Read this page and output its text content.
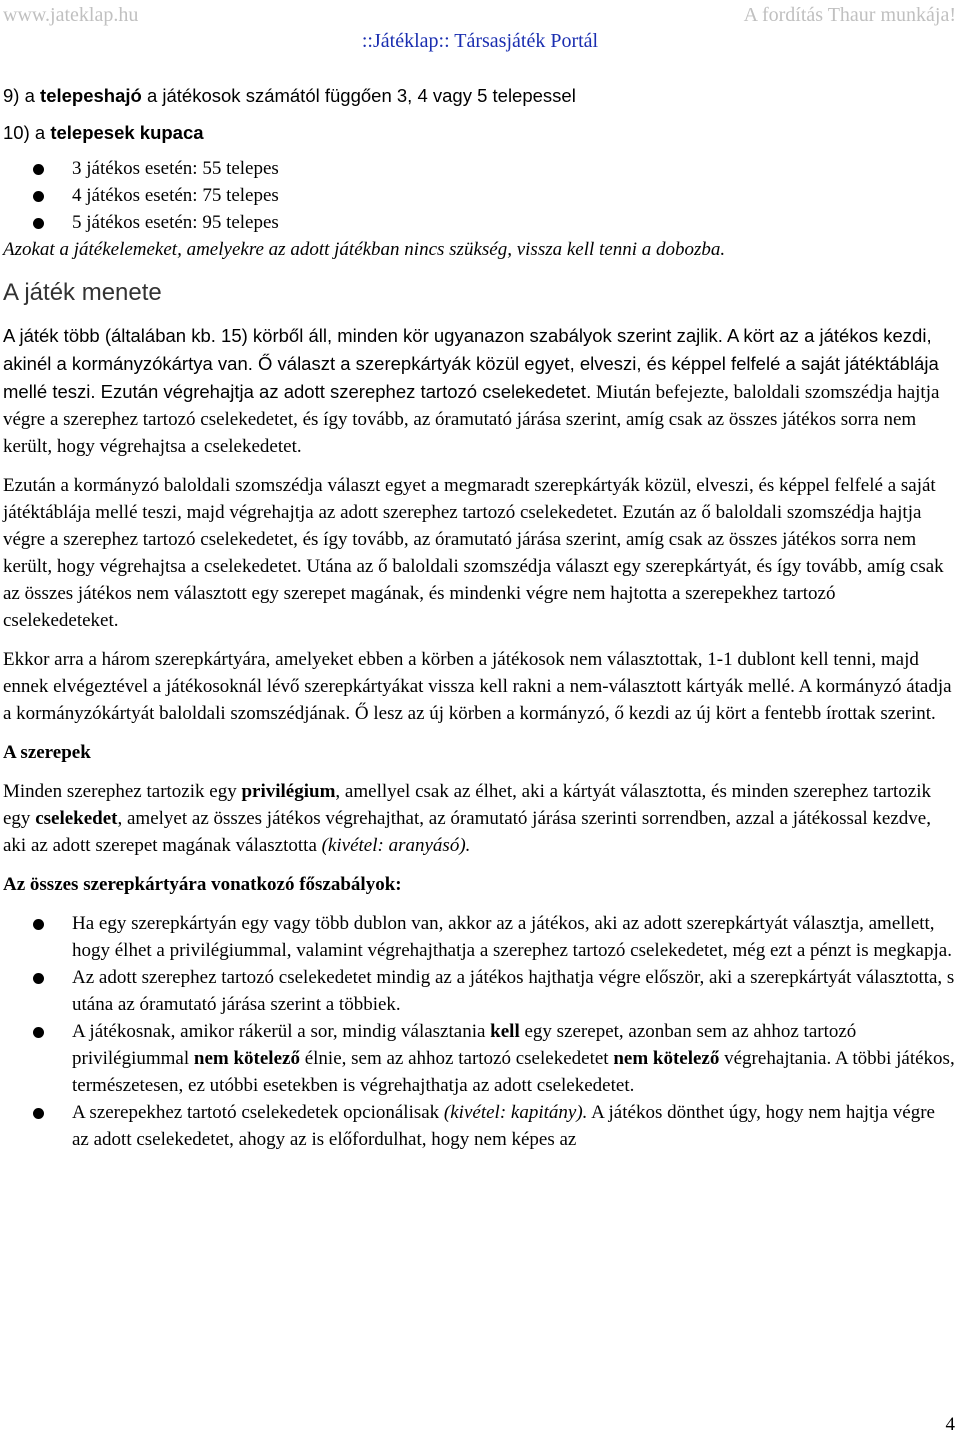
www.jateklap.hu	A fordítás Thaur munkája!
::Játéklap:: Társasjáték Portál

9) a telepeshajó a játékosok számától függően 3, 4 vagy 5 telepessel

10) a telepesek kupaca

3 játékos esetén: 55 telepes
4 játékos esetén: 75 telepes
5 játékos esetén: 95 telepes

Azokat a játékelemeket, amelyekre az adott játékban nincs szükség, vissza kell tenni a dobozba.

A játék menete

A játék több (általában kb. 15) körből áll, minden kör ugyanazon szabályok szerint zajlik. A kört az a játékos kezdi, akinél a kormányzókártya van. Ő választ a szerepkártyák közül egyet, elveszi, és képpel felfelé a saját játéktáblája mellé teszi. Ezután végrehajtja az adott szerephez tartozó cselekedetet. Miután befejezte, baloldali szomszédja hajtja végre a szerephez tartozó cselekedetet, és így tovább, az óramutató járása szerint, amíg csak az összes játékos sorra nem került, hogy végrehajtsa a cselekedetet.

Ezután a kormányzó baloldali szomszédja választ egyet a megmaradt szerepkártyák közül, elveszi, és képpel felfelé a saját játéktáblája mellé teszi, majd végrehajtja az adott szerephez tartozó cselekedetet. Ezután az ő baloldali szomszédja hajtja végre a szerephez tartozó cselekedetet, és így tovább, az óramutató járása szerint, amíg csak az összes játékos sorra nem került, hogy végrehajtsa a cselekedetet. Utána az ő baloldali szomszédja választ egy szerepkártyát, és így tovább, amíg csak az összes játékos nem választott egy szerepet magának, és mindenki végre nem hajtotta a szerepekhez tartozó cselekedeteket.

Ekkor arra a három szerepkártyára, amelyeket ebben a körben a játékosok nem választottak, 1-1 dublont kell tenni, majd ennek elvégeztével a játékosoknál lévő szerepkártyákat vissza kell rakni a nem-választott kártyák mellé. A kormányzó átadja a kormányzókártyát baloldali szomszédjának. Ő lesz az új körben a kormányzó, ő kezdi az új kört a fentebb írottak szerint.

A szerepek

Minden szerephez tartozik egy privilégium, amellyel csak az élhet, aki a kártyát választotta, és minden szerephez tartozik egy cselekedet, amelyet az összes játékos végrehajthat, az óramutató járása szerinti sorrendben, azzal a játékossal kezdve, aki az adott szerepet magának választotta (kivétel: aranyásó).

Az összes szerepkártyára vonatkozó főszabályok:

Ha egy szerepkártyán egy vagy több dublon van, akkor az a játékos, aki az adott szerepkártyát választja, amellett, hogy élhet a privilégiummal, valamint végrehajthatja a szerephez tartozó cselekedetet, még ezt a pénzt is megkapja.
Az adott szerephez tartozó cselekedetet mindig az a játékos hajthatja végre először, aki a szerepkártyát választotta, s utána az óramutató járása szerint a többiek.
A játékosnak, amikor rákerül a sor, mindig választania kell egy szerepet, azonban sem az ahhoz tartozó privilégiummal nem kötelező élnie, sem az ahhoz tartozó cselekedetet nem kötelező végrehajtania. A többi játékos, természetesen, ez utóbbi esetekben is végrehajthatja az adott cselekedetet.
A szerepekhez tartotó cselekedetek opcionálisak (kivétel: kapitány). A játékos dönthet úgy, hogy nem hajtja végre az adott cselekedetet, ahogy az is előfordulhat, hogy nem képes az
4
